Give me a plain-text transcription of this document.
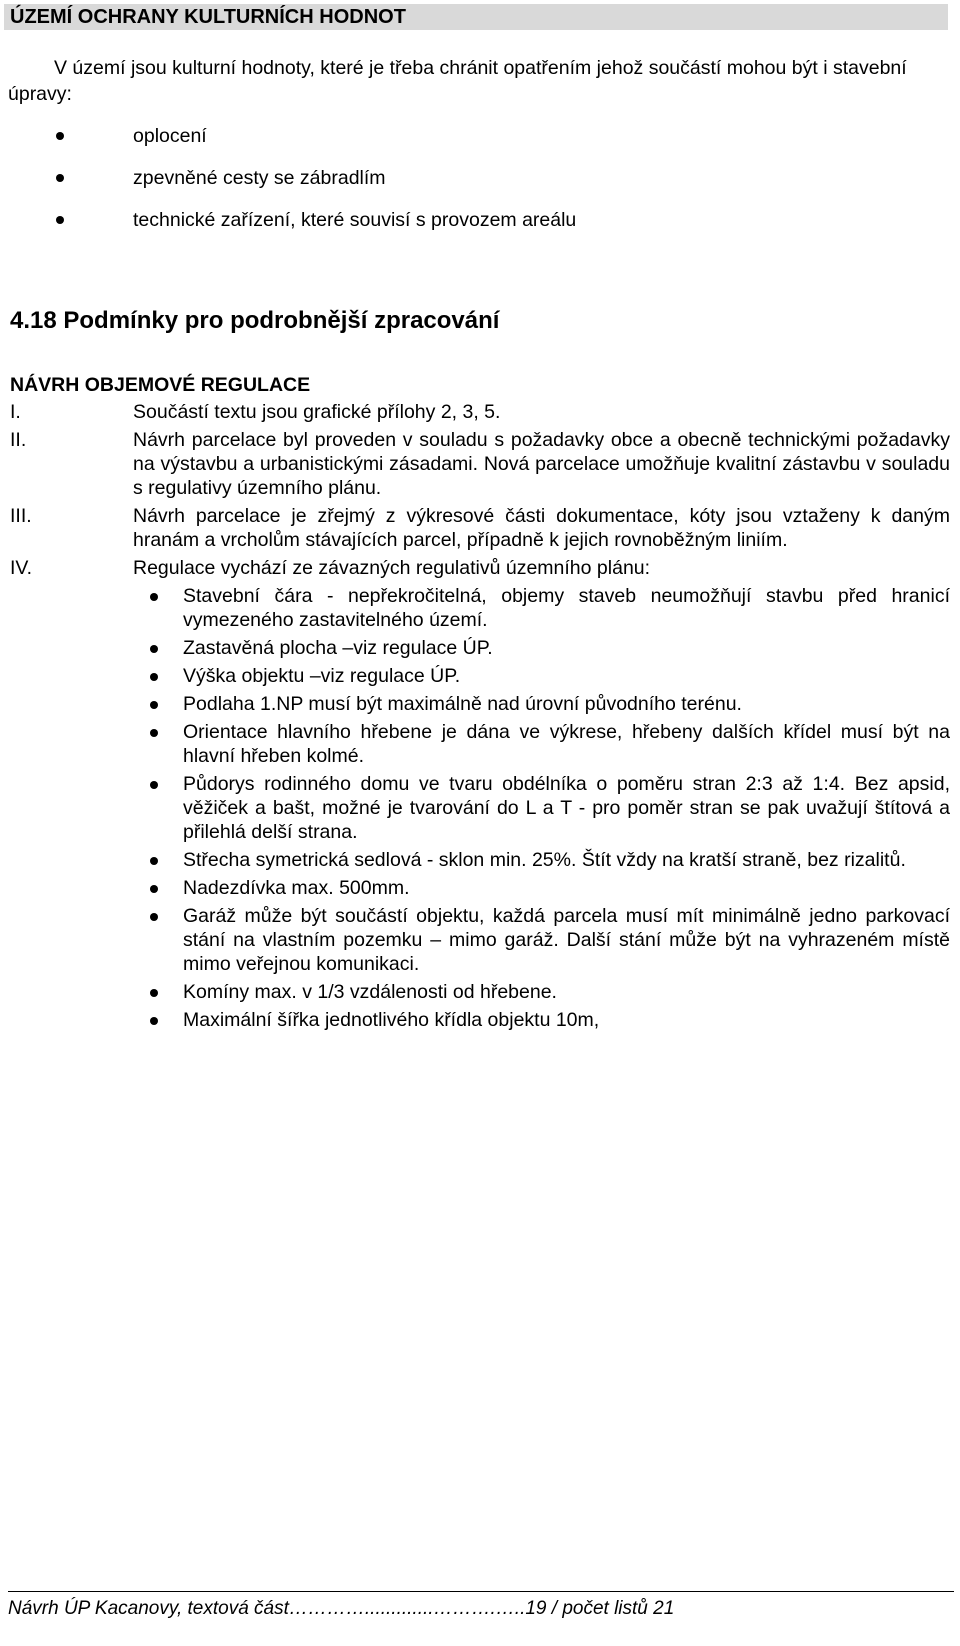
ÚZEMÍ OCHRANY KULTURNÍCH HODNOT

V území jsou kulturní hodnoty, které je třeba chránit opatřením jehož součástí mohou být i stavební úpravy:

oplocení
zpevněné cesty se zábradlím
technické zařízení, které souvisí s provozem areálu
4.18 Podmínky pro podrobnější zpracování
NÁVRH OBJEMOVÉ REGULACE
I.	Součástí textu jsou grafické přílohy 2, 3, 5.
II.	Návrh parcelace byl proveden v souladu s požadavky obce a obecně technickými požadavky na výstavbu a urbanistickými zásadami. Nová parcelace umožňuje kvalitní zástavbu v souladu s regulativy územního plánu.
III.	Návrh parcelace je zřejmý z výkresové části dokumentace, kóty jsou vztaženy k daným hranám a vrcholům stávajících parcel, případně k jejich rovnoběžným liniím.
IV.	Regulace vychází ze závazných regulativů územního plánu:
Stavební čára - nepřekročitelná, objemy staveb neumožňují stavbu před hranicí vymezeného zastavitelného území.
Zastavěná plocha –viz regulace ÚP.
Výška objektu –viz regulace ÚP.
Podlaha 1.NP musí být maximálně nad úrovní původního terénu.
Orientace hlavního hřebene je dána ve výkrese, hřebeny dalších křídel musí být na hlavní hřeben kolmé.
Půdorys rodinného domu ve tvaru obdélníka o poměru stran 2:3 až 1:4. Bez apsid, věžiček a bašt, možné je tvarování do L a T - pro poměr stran se pak uvažují štítová a přilehlá delší strana.
Střecha symetrická sedlová - sklon min. 25%. Štít vždy na kratší straně, bez rizalitů.
Nadezdívka max. 500mm.
Garáž může být součástí objektu, každá parcela musí mít minimálně jedno parkovací stání na vlastním pozemku – mimo garáž. Další stání může být na vyhrazeném místě mimo veřejnou komunikaci.
Komíny max. v 1/3 vzdálenosti od hřebene.
Maximální šířka jednotlivého křídla objektu 10m,

Návrh ÚP Kacanovy, textová část………….............……….…..19 / počet listů 21
